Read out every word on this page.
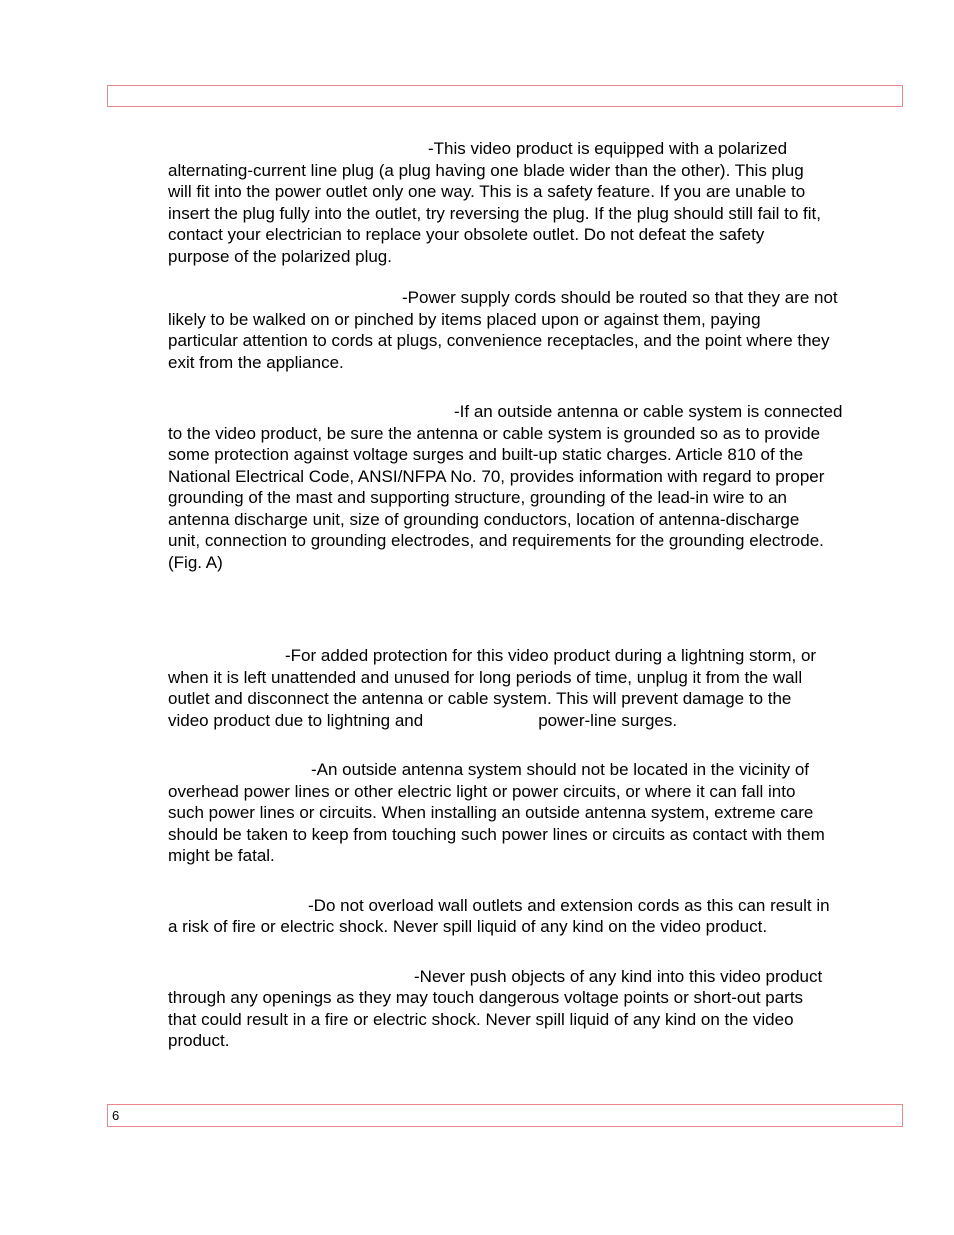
-This video product is equipped with a polarized
alternating-current line plug (a plug having one blade wider than the other). This plug
will fit into the power outlet only one way. This is a safety feature. If you are unable to
insert the plug fully into the outlet, try reversing the plug. If the plug should still fail to fit,
contact your electrician to replace your obsolete outlet. Do not defeat the safety
purpose of the polarized plug.

-Power supply cords should be routed so that they are not
likely to be walked on or pinched by items placed upon or against them, paying
particular attention to cords at plugs, convenience receptacles, and the point where they
exit from the appliance.

-If an outside antenna or cable system is connected
to the video product, be sure the antenna or cable system is grounded so as to provide
some protection against voltage surges and built-up static charges. Article 810 of the
National Electrical Code, ANSI/NFPA No. 70, provides information with regard to proper
grounding of the mast and supporting structure, grounding of the lead-in wire to an
antenna discharge unit, size of grounding conductors, location of antenna-discharge
unit, connection to grounding electrodes, and requirements for the grounding electrode.
(Fig. A)

-For added protection for this video product during a lightning storm, or
when it is left unattended and unused for long periods of time, unplug it from the wall
outlet and disconnect the antenna or cable system. This will prevent damage to the
video product due to lightning and	power-line surges.

-An outside antenna system should not be located in the vicinity of
overhead power lines or other electric light or power circuits, or where it can fall into
such power lines or circuits. When installing an outside antenna system, extreme care
should be taken to keep from touching such power lines or circuits as contact with them
might be fatal.

-Do not overload wall outlets and extension cords as this can result in
a risk of fire or electric shock. Never spill liquid of any kind on the video product.

-Never push objects of any kind into this video product
through any openings as they may touch dangerous voltage points or short-out parts
that could result in a fire or electric shock. Never spill liquid of any kind on the video
product.

6
